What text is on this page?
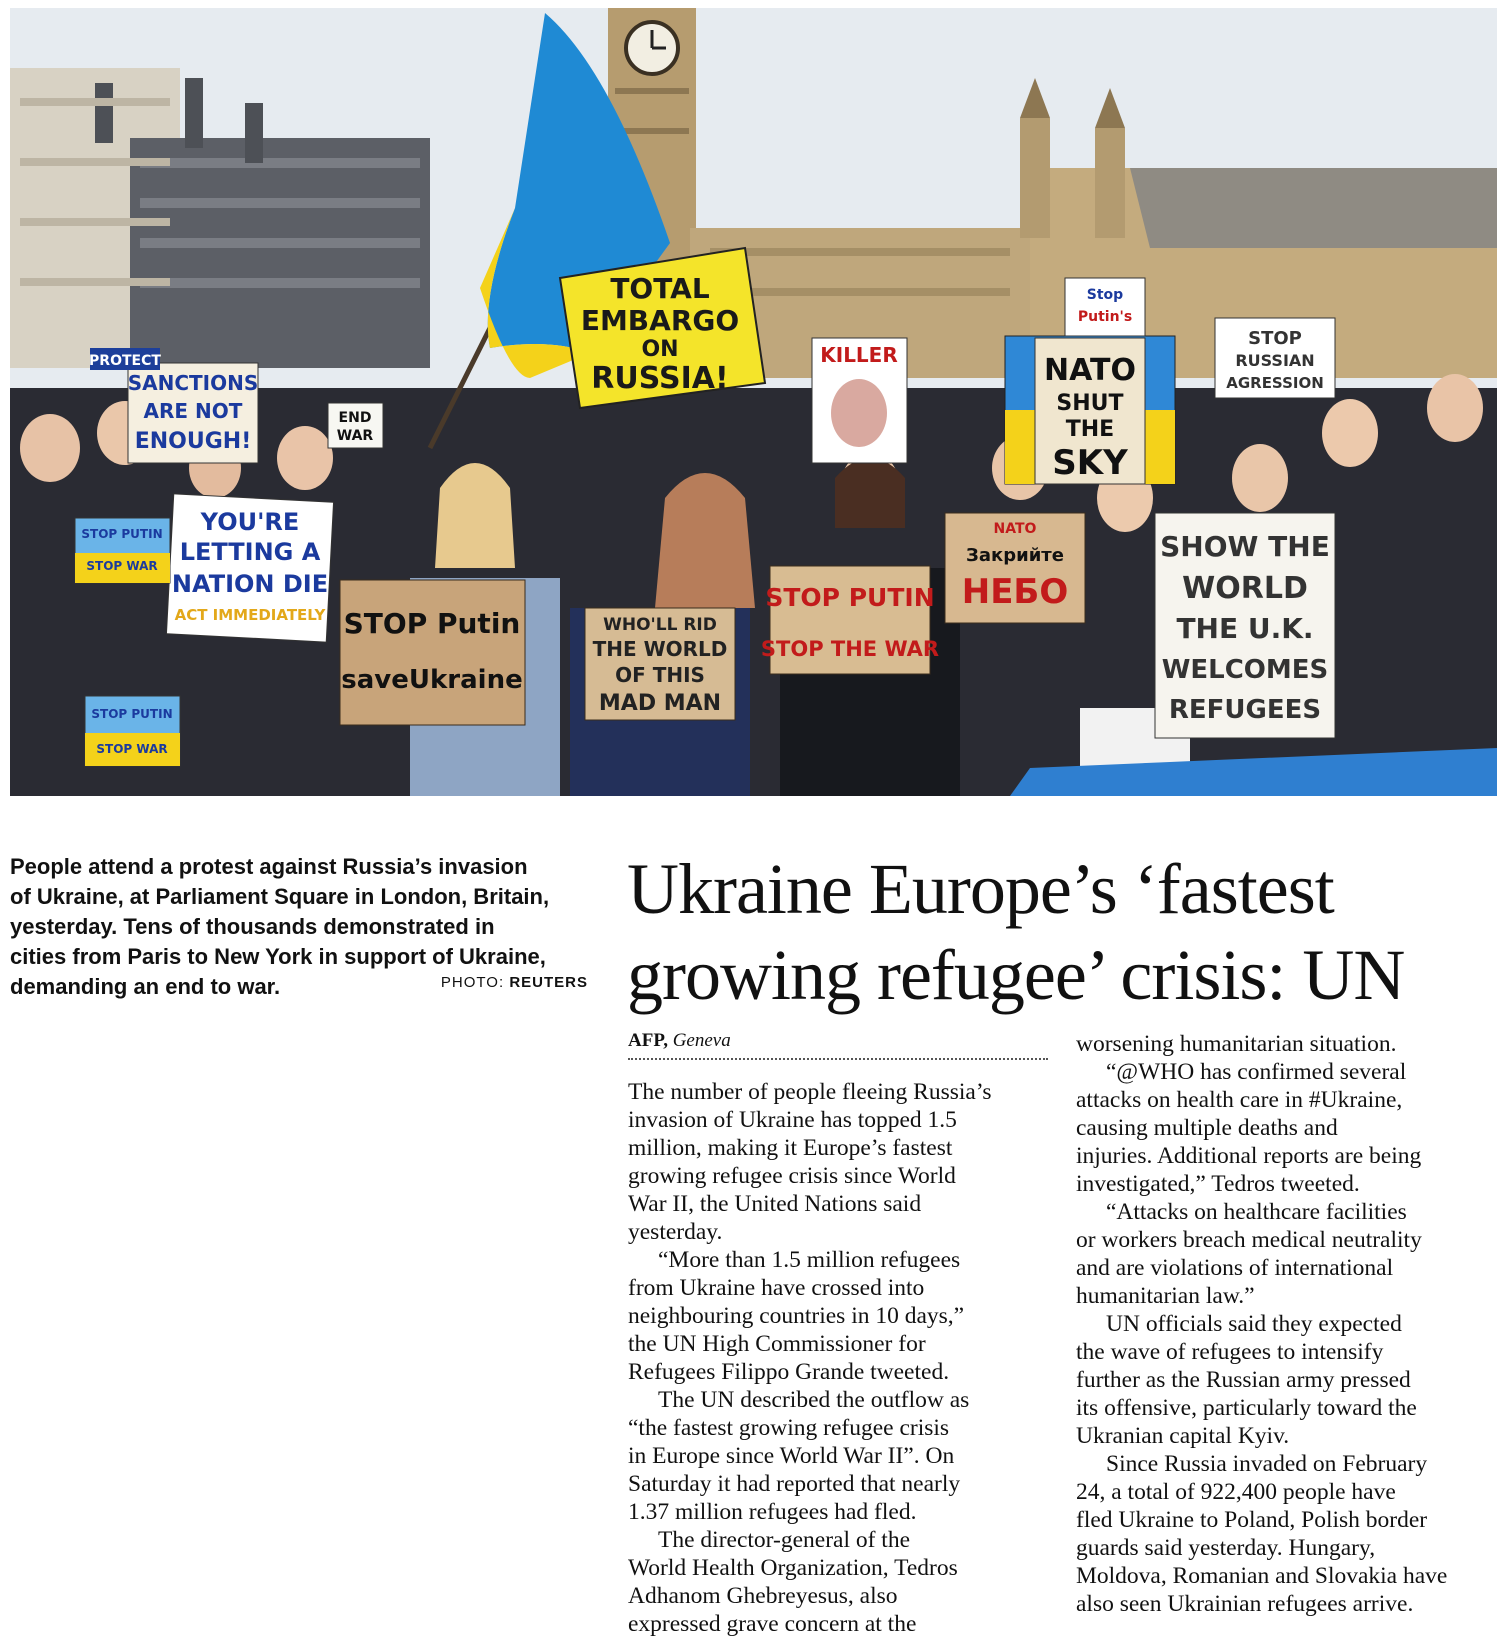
TOTAL
EMBARGO
ON
RUSSIA!
SANCTIONS
ARE NOT
ENOUGH!
END
WAR
YOU'RE
LETTING A
NATION DIE
ACT IMMEDIATELY STOP Putin
saveUkraine
WHO'LL RID
THE WORLD
OF THIS
MAD MAN
STOP PUTIN
STOP THE WAR
NATO
Закрийте
НЕБО
NATO
SHUT
THE
SKY
KILLER
STOP
RUSSIAN
AGRESSION
Stop
Putin's
SHOW THE
WORLD
THE U.K.
WELCOMES
REFUGEES
STOP PUTIN
STOP WAR
STOP PUTIN
STOP WAR
PROTECT
People attend a protest against Russia’s invasion
of Ukraine, at Parliament Square in London, Britain,
yesterday. Tens of thousands demonstrated in
cities from Paris to New York in support of Ukraine,
demanding an end to war.	PHOTO: REUTERS
Ukraine Europe’s ‘fastest
growing refugee’ crisis: UN
AFP, Geneva
The number of people fleeing Russia’s
invasion of Ukraine has topped 1.5
million, making it Europe’s fastest
growing refugee crisis since World
War II, the United Nations said
yesterday.
“More than 1.5 million refugees
from Ukraine have crossed into
neighbouring countries in 10 days,”
the UN High Commissioner for
Refugees Filippo Grande tweeted.
The UN described the outflow as
“the fastest growing refugee crisis
in Europe since World War II”. On
Saturday it had reported that nearly
1.37 million refugees had fled.
The director-general of the
World Health Organization, Tedros
Adhanom Ghebreyesus, also
expressed grave concern at the
worsening humanitarian situation.
“@WHO has confirmed several
attacks on health care in #Ukraine,
causing multiple deaths and
injuries. Additional reports are being
investigated,” Tedros tweeted.
“Attacks on healthcare facilities
or workers breach medical neutrality
and are violations of international
humanitarian law.”
UN officials said they expected
the wave of refugees to intensify
further as the Russian army pressed
its offensive, particularly toward the
Ukranian capital Kyiv.
Since Russia invaded on February
24, a total of 922,400 people have
fled Ukraine to Poland, Polish border
guards said yesterday. Hungary,
Moldova, Romanian and Slovakia have
also seen Ukrainian refugees arrive.
